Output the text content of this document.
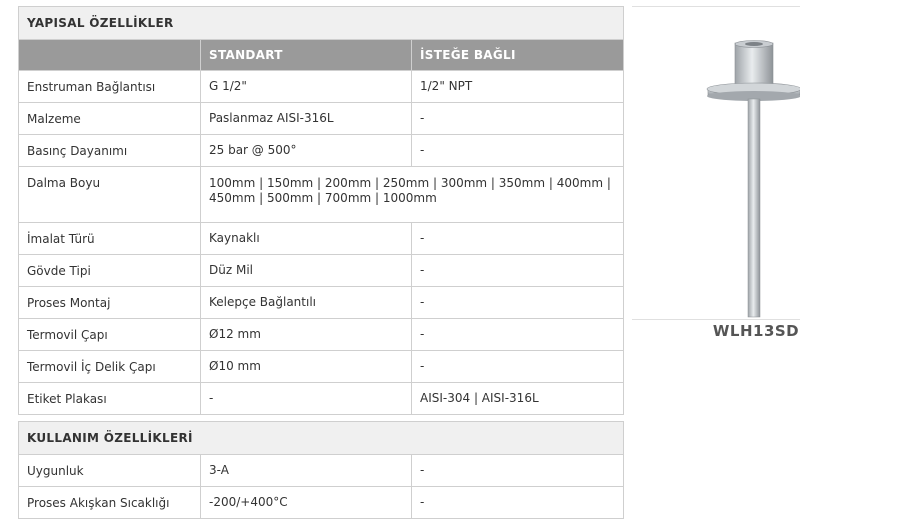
YAPISAL ÖZELLİKLER		
	STANDART	İSTEĞE BAĞLI
Enstruman Bağlantısı	G 1/2"	1/2" NPT
Malzeme	Paslanmaz AISI-316L	-
Basınç Dayanımı	25 bar @ 500°	-
Dalma Boyu	100mm | 150mm | 200mm | 250mm | 300mm | 350mm | 400mm | 450mm | 500mm | 700mm | 1000mm	
İmalat Türü	Kaynaklı	-
Gövde Tipi	Düz Mil	-
Proses Montaj	Kelepçe Bağlantılı	-
Termovil Çapı	Ø12 mm	-
Termovil İç Delik Çapı	Ø10 mm	-
Etiket Plakası	-	AISI-304 | AISI-316L
KULLANIM ÖZELLİKLERİ		
Uygunluk	3-A	-
Proses Akışkan Sıcaklığı	-200/+400°C	-
WLH13SD
